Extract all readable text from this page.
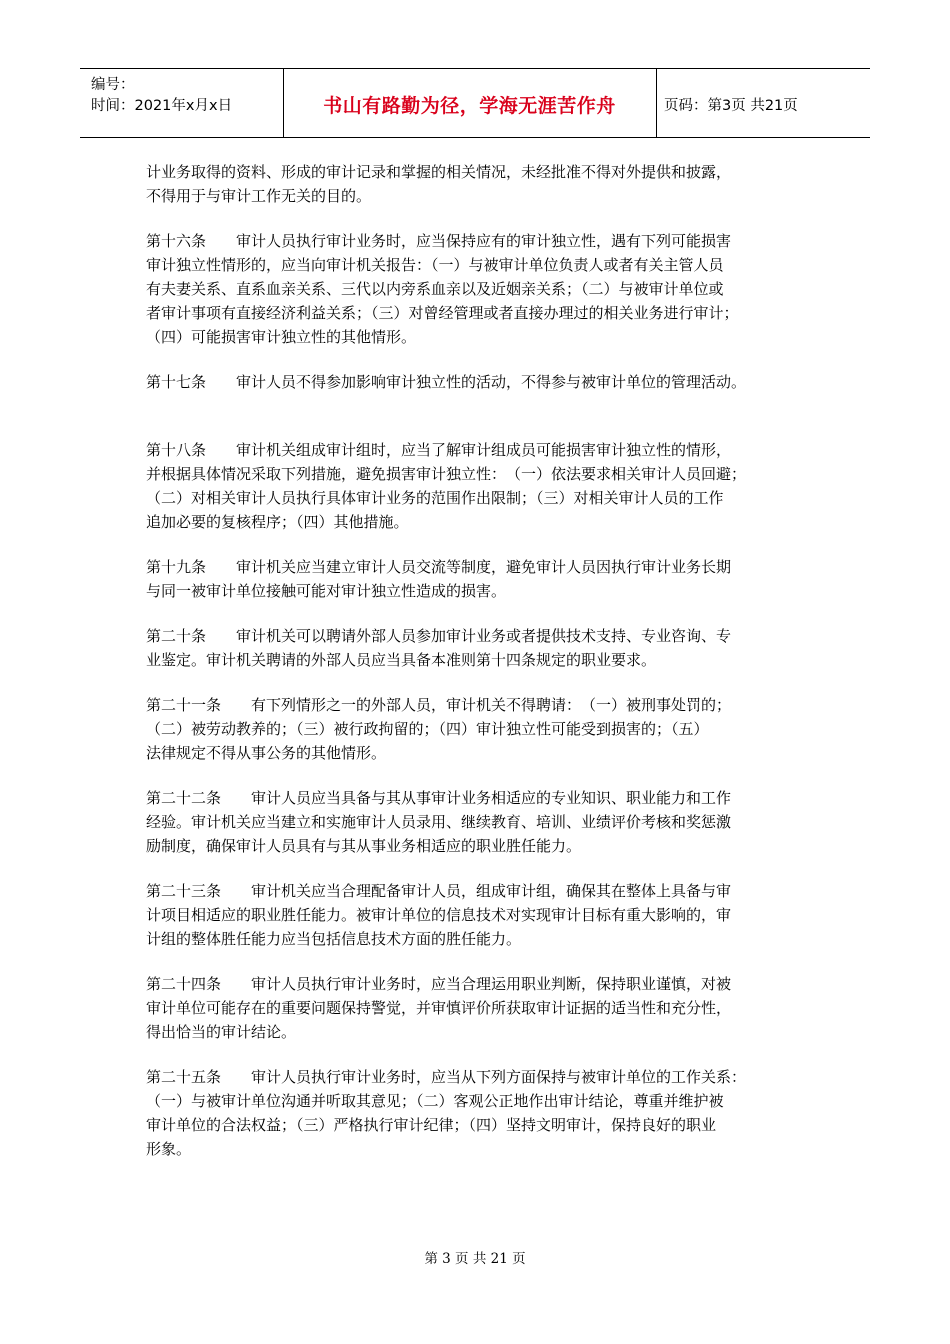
编号：
时间：2021年x月x日	书山有路勤为径，学海无涯苦作舟	页码：第3页 共21页
计业务取得的资料、形成的审计记录和掌握的相关情况，未经批准不得对外提供和披露，
不得用于与审计工作无关的目的。
第十六条　　审计人员执行审计业务时，应当保持应有的审计独立性，遇有下列可能损害
审计独立性情形的，应当向审计机关报告：（一）与被审计单位负责人或者有关主管人员
有夫妻关系、直系血亲关系、三代以内旁系血亲以及近姻亲关系；（二）与被审计单位或
者审计事项有直接经济利益关系；（三）对曾经管理或者直接办理过的相关业务进行审计；
（四）可能损害审计独立性的其他情形。
第十七条　　审计人员不得参加影响审计独立性的活动，不得参与被审计单位的管理活动。
第十八条　　审计机关组成审计组时，应当了解审计组成员可能损害审计独立性的情形，
并根据具体情况采取下列措施，避免损害审计独立性：　（一）依法要求相关审计人员回避；
（二）对相关审计人员执行具体审计业务的范围作出限制；（三）对相关审计人员的工作
追加必要的复核程序；（四）其他措施。
第十九条　　审计机关应当建立审计人员交流等制度，避免审计人员因执行审计业务长期
与同一被审计单位接触可能对审计独立性造成的损害。
第二十条　　审计机关可以聘请外部人员参加审计业务或者提供技术支持、专业咨询、专
业鉴定。审计机关聘请的外部人员应当具备本准则第十四条规定的职业要求。
第二十一条　　有下列情形之一的外部人员，审计机关不得聘请：　（一）被刑事处罚的；
（二）被劳动教养的；（三）被行政拘留的；（四）审计独立性可能受到损害的；（五）
法律规定不得从事公务的其他情形。
第二十二条　　审计人员应当具备与其从事审计业务相适应的专业知识、职业能力和工作
经验。审计机关应当建立和实施审计人员录用、继续教育、培训、业绩评价考核和奖惩激
励制度，确保审计人员具有与其从事业务相适应的职业胜任能力。
第二十三条　　审计机关应当合理配备审计人员，组成审计组，确保其在整体上具备与审
计项目相适应的职业胜任能力。被审计单位的信息技术对实现审计目标有重大影响的，审
计组的整体胜任能力应当包括信息技术方面的胜任能力。
第二十四条　　审计人员执行审计业务时，应当合理运用职业判断，保持职业谨慎，对被
审计单位可能存在的重要问题保持警觉，并审慎评价所获取审计证据的适当性和充分性，
得出恰当的审计结论。
第二十五条　　审计人员执行审计业务时，应当从下列方面保持与被审计单位的工作关系：
（一）与被审计单位沟通并听取其意见；（二）客观公正地作出审计结论，尊重并维护被
审计单位的合法权益；（三）严格执行审计纪律；（四）坚持文明审计，保持良好的职业
形象。
第 3 页 共 21 页
